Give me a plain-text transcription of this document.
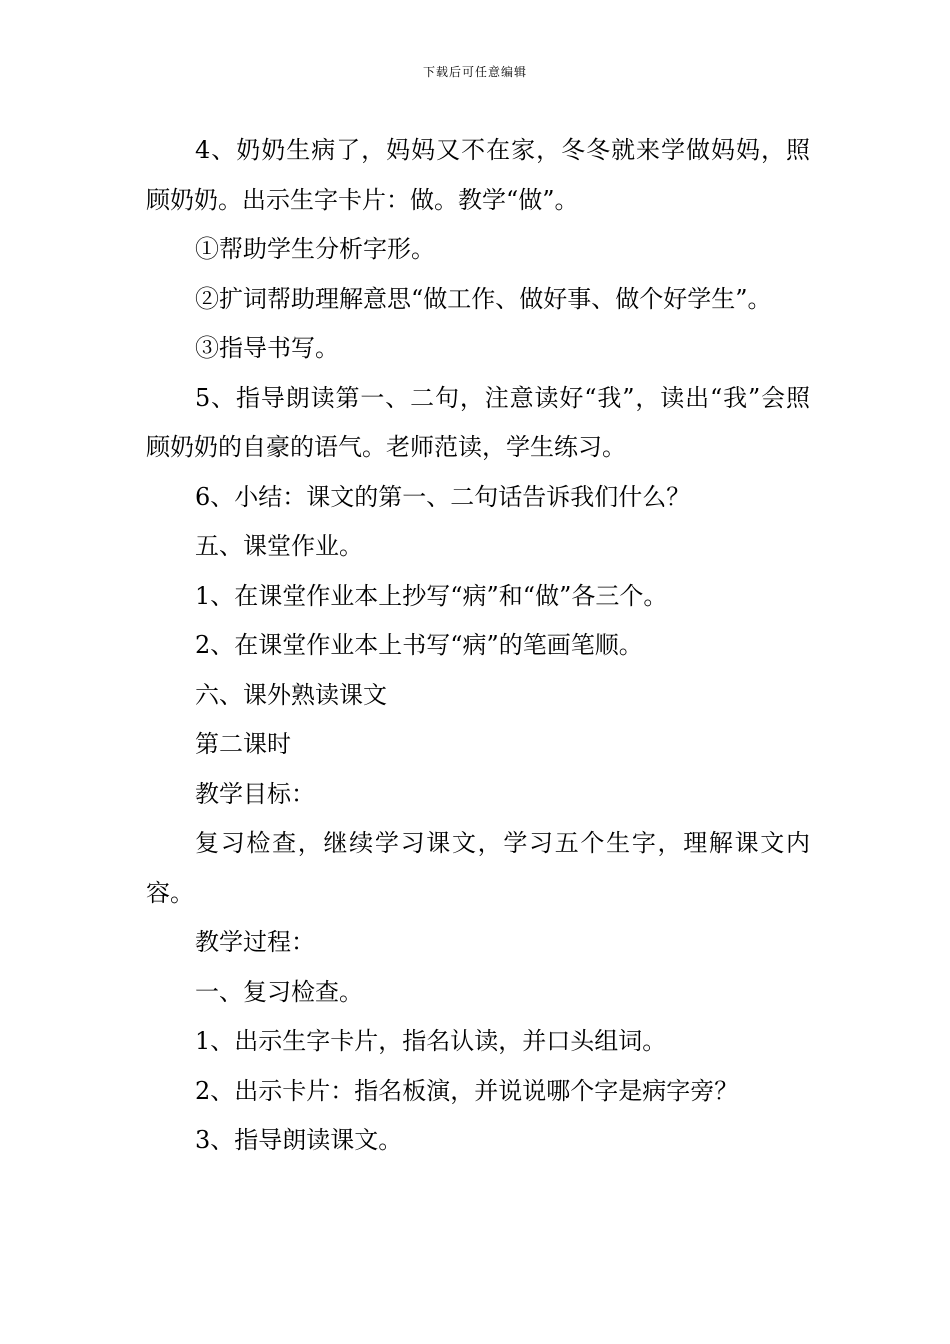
下载后可任意编辑

4、奶奶生病了，妈妈又不在家，冬冬就来学做妈妈，照顾奶奶。出示生字卡片：做。教学“做”。

①帮助学生分析字形。

②扩词帮助理解意思“做工作、做好事、做个好学生”。

③指导书写。

5、指导朗读第一、二句，注意读好“我”，读出“我”会照顾奶奶的自豪的语气。老师范读，学生练习。

6、小结：课文的第一、二句话告诉我们什么？

五、课堂作业。

1、在课堂作业本上抄写“病”和“做”各三个。

2、在课堂作业本上书写“病”的笔画笔顺。

六、课外熟读课文

第二课时

教学目标：

复习检查，继续学习课文，学习五个生字，理解课文内容。

教学过程：

一、复习检查。

1、出示生字卡片，指名认读，并口头组词。

2、出示卡片：指名板演，并说说哪个字是病字旁？

3、指导朗读课文。
